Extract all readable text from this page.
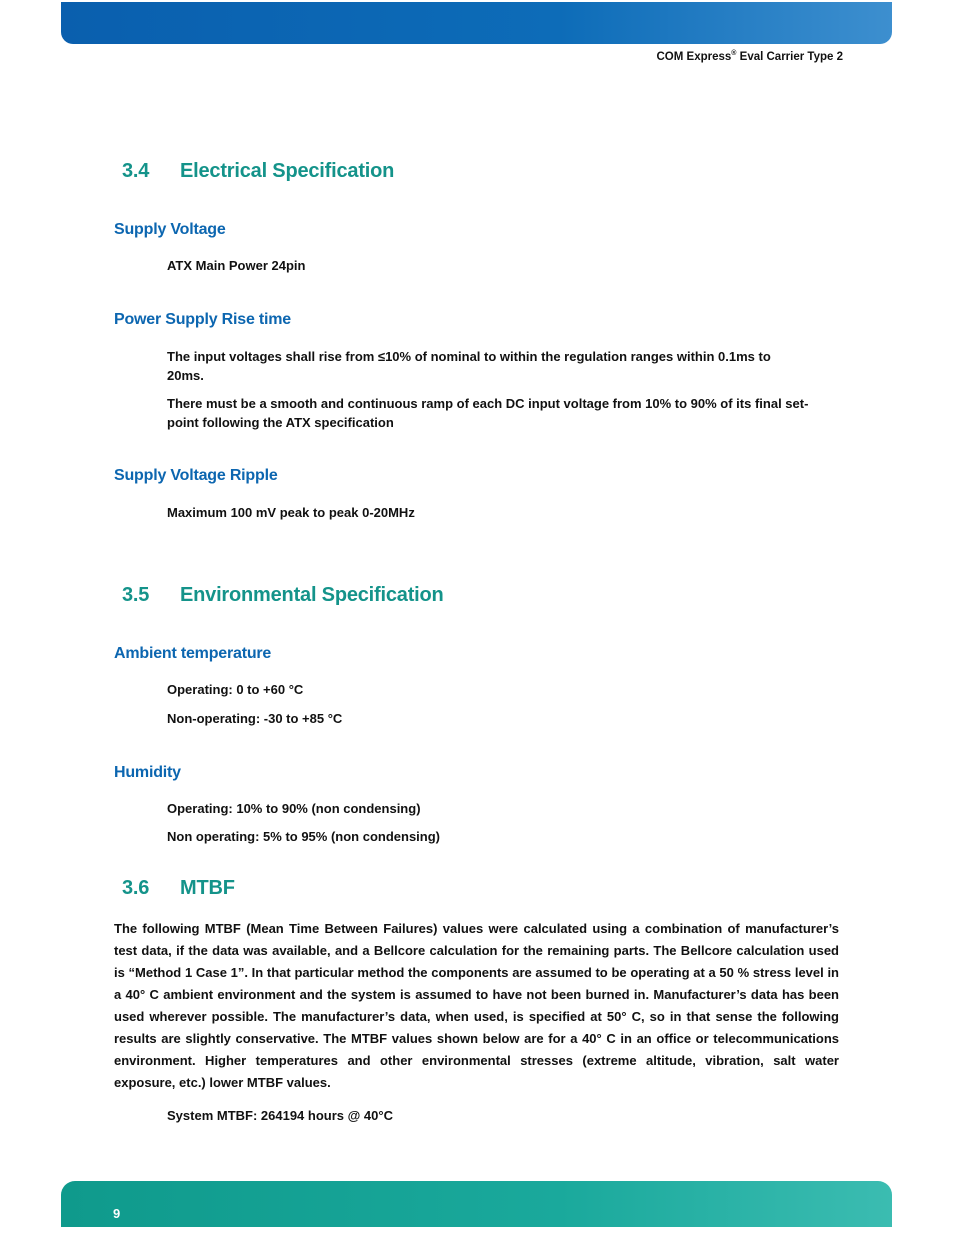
COM Express® Eval Carrier Type 2
3.4 Electrical Specification
Supply Voltage

ATX Main Power 24pin

Power Supply Rise time

The input voltages shall rise from ≤10% of nominal to within the regulation ranges within 0.1ms to
20ms.

There must be a smooth and continuous ramp of each DC input voltage from 10% to 90% of its final set-
point following the ATX specification

Supply Voltage Ripple

Maximum 100 mV peak to peak 0-20MHz

3.5 Environmental Specification
Ambient temperature

Operating: 0 to +60 °C

Non-operating: -30 to +85 °C

Humidity

Operating: 10% to 90% (non condensing)

Non operating: 5% to 95% (non condensing)

3.6 MTBF

The following MTBF (Mean Time Between Failures) values were calculated using a combination of manufacturer’s test data, if the data was available, and a Bellcore calculation for the remaining parts. The Bellcore calculation used is “Method 1 Case 1”. In that particular method the components are assumed to be operating at a 50 % stress level in a 40° C ambient environment and the system is assumed to have not been burned in. Manufacturer’s data has been used wherever possible. The manufacturer’s data, when used, is specified at 50° C, so in that sense the following results are slightly conservative. The MTBF values shown below are for a 40° C in an office or telecommunications environment. Higher temperatures and other environmental stresses (extreme altitude, vibration, salt water exposure, etc.) lower MTBF values.

System MTBF: 264194 hours @ 40°C

9
